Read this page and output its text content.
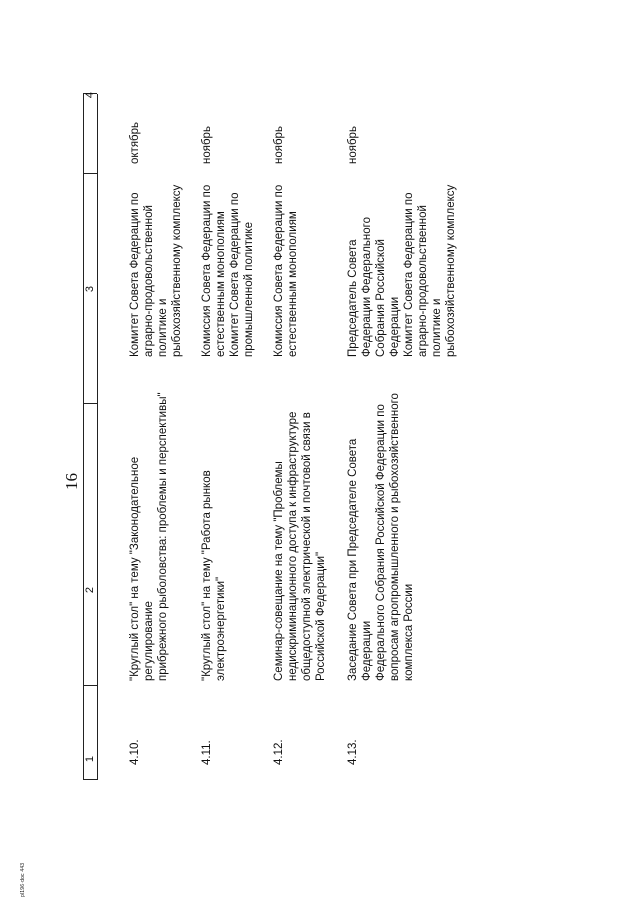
16
1
2
3
4
4.10.
"Круглый стол" на тему "Законодательное регулирование
прибрежного рыболовства: проблемы и перспективы"
Комитет Совета Федерации по
аграрно-продовольственной
политике и
рыбохозяйственному комплексу
октябрь
4.11.
"Круглый стол" на тему "Работа рынков электроэнергетики"
Комиссия Совета Федерации по
естественным монополиям
Комитет Совета Федерации по
промышленной политике
ноябрь
4.12.
Семинар-совещание на тему "Проблемы
недискриминационного доступа к инфраструктуре
общедоступной электрической и почтовой связи в
Российской Федерации"
Комиссия Совета Федерации по
естественным монополиям
ноябрь
4.13.
Заседание Совета при Председателе Совета Федерации
Федерального Собрания Российской Федерации по
вопросам агропромышленного и рыбохозяйственного
комплекса России
Председатель Совета
Федерации Федерального
Собрания Российской
Федерации
Комитет Совета Федерации по
аграрно-продовольственной
политике и
рыбохозяйственному комплексу
ноябрь
pl196·doc 443
